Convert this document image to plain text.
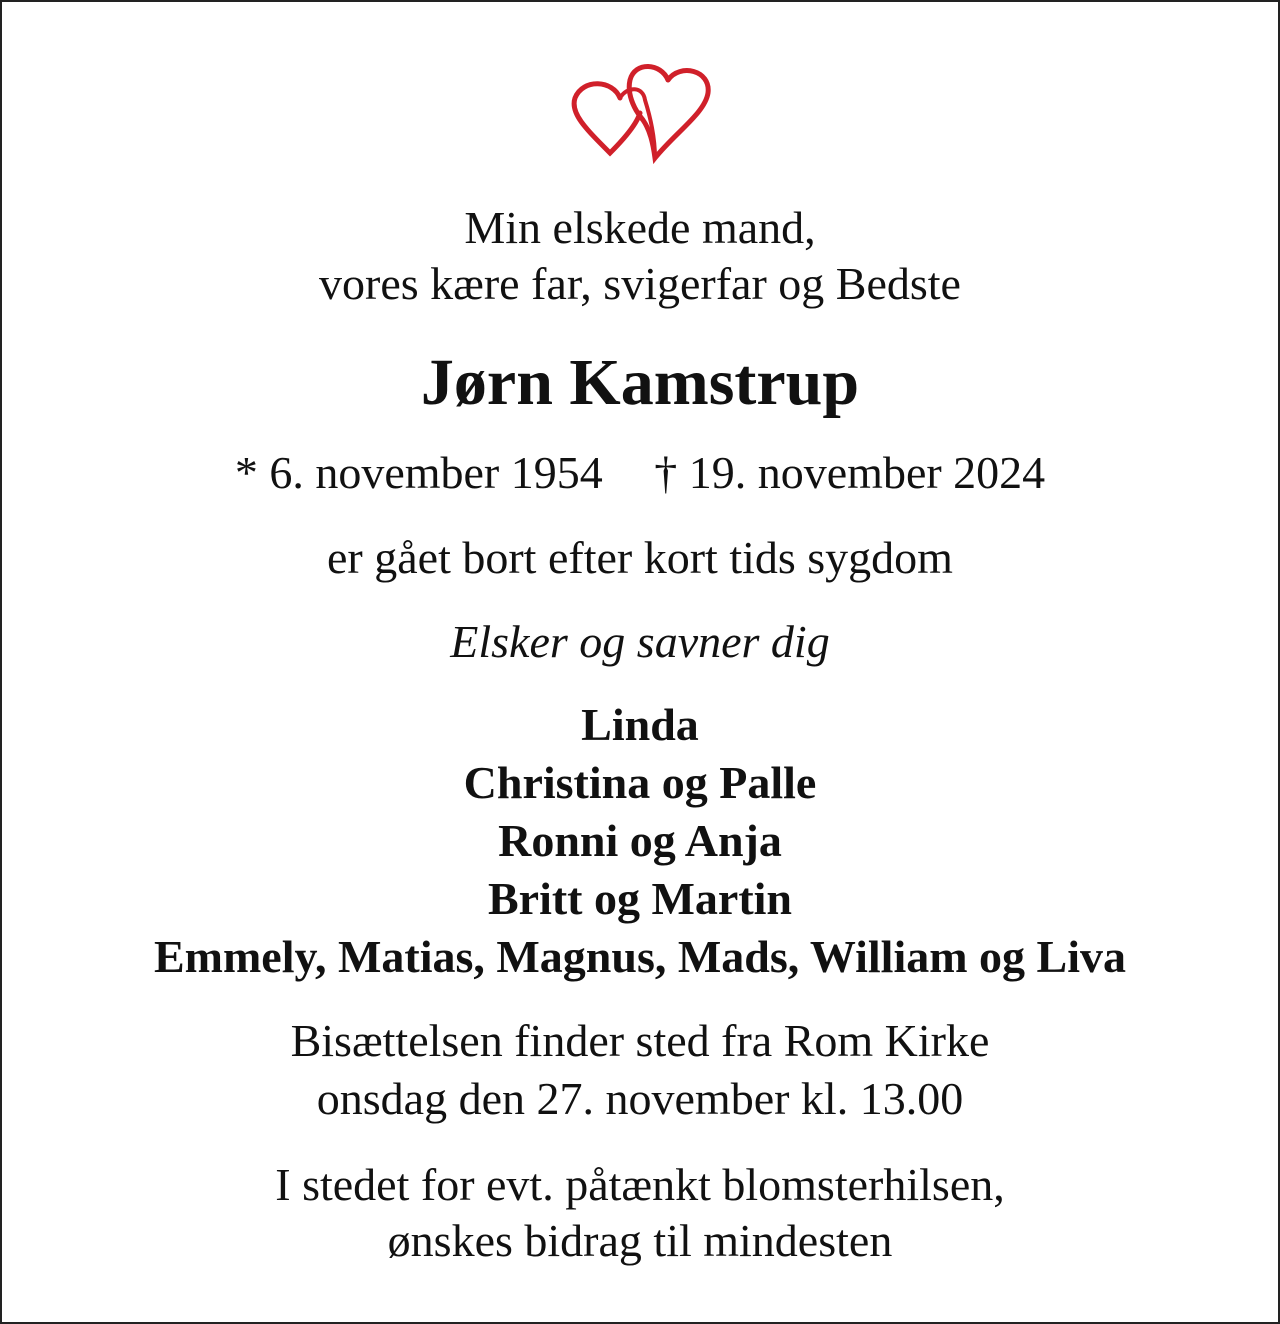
Min elskede mand,
vores kære far, svigerfar og Bedste
Jørn Kamstrup
* 6. november 1954 † 19. november 2024
er gået bort efter kort tids sygdom
Elsker og savner dig
Linda
Christina og Palle
Ronni og Anja
Britt og Martin
Emmely, Matias, Magnus, Mads, William og Liva
Bisættelsen finder sted fra Rom Kirke
onsdag den 27. november kl. 13.00
I stedet for evt. påtænkt blomsterhilsen,
ønskes bidrag til mindesten
